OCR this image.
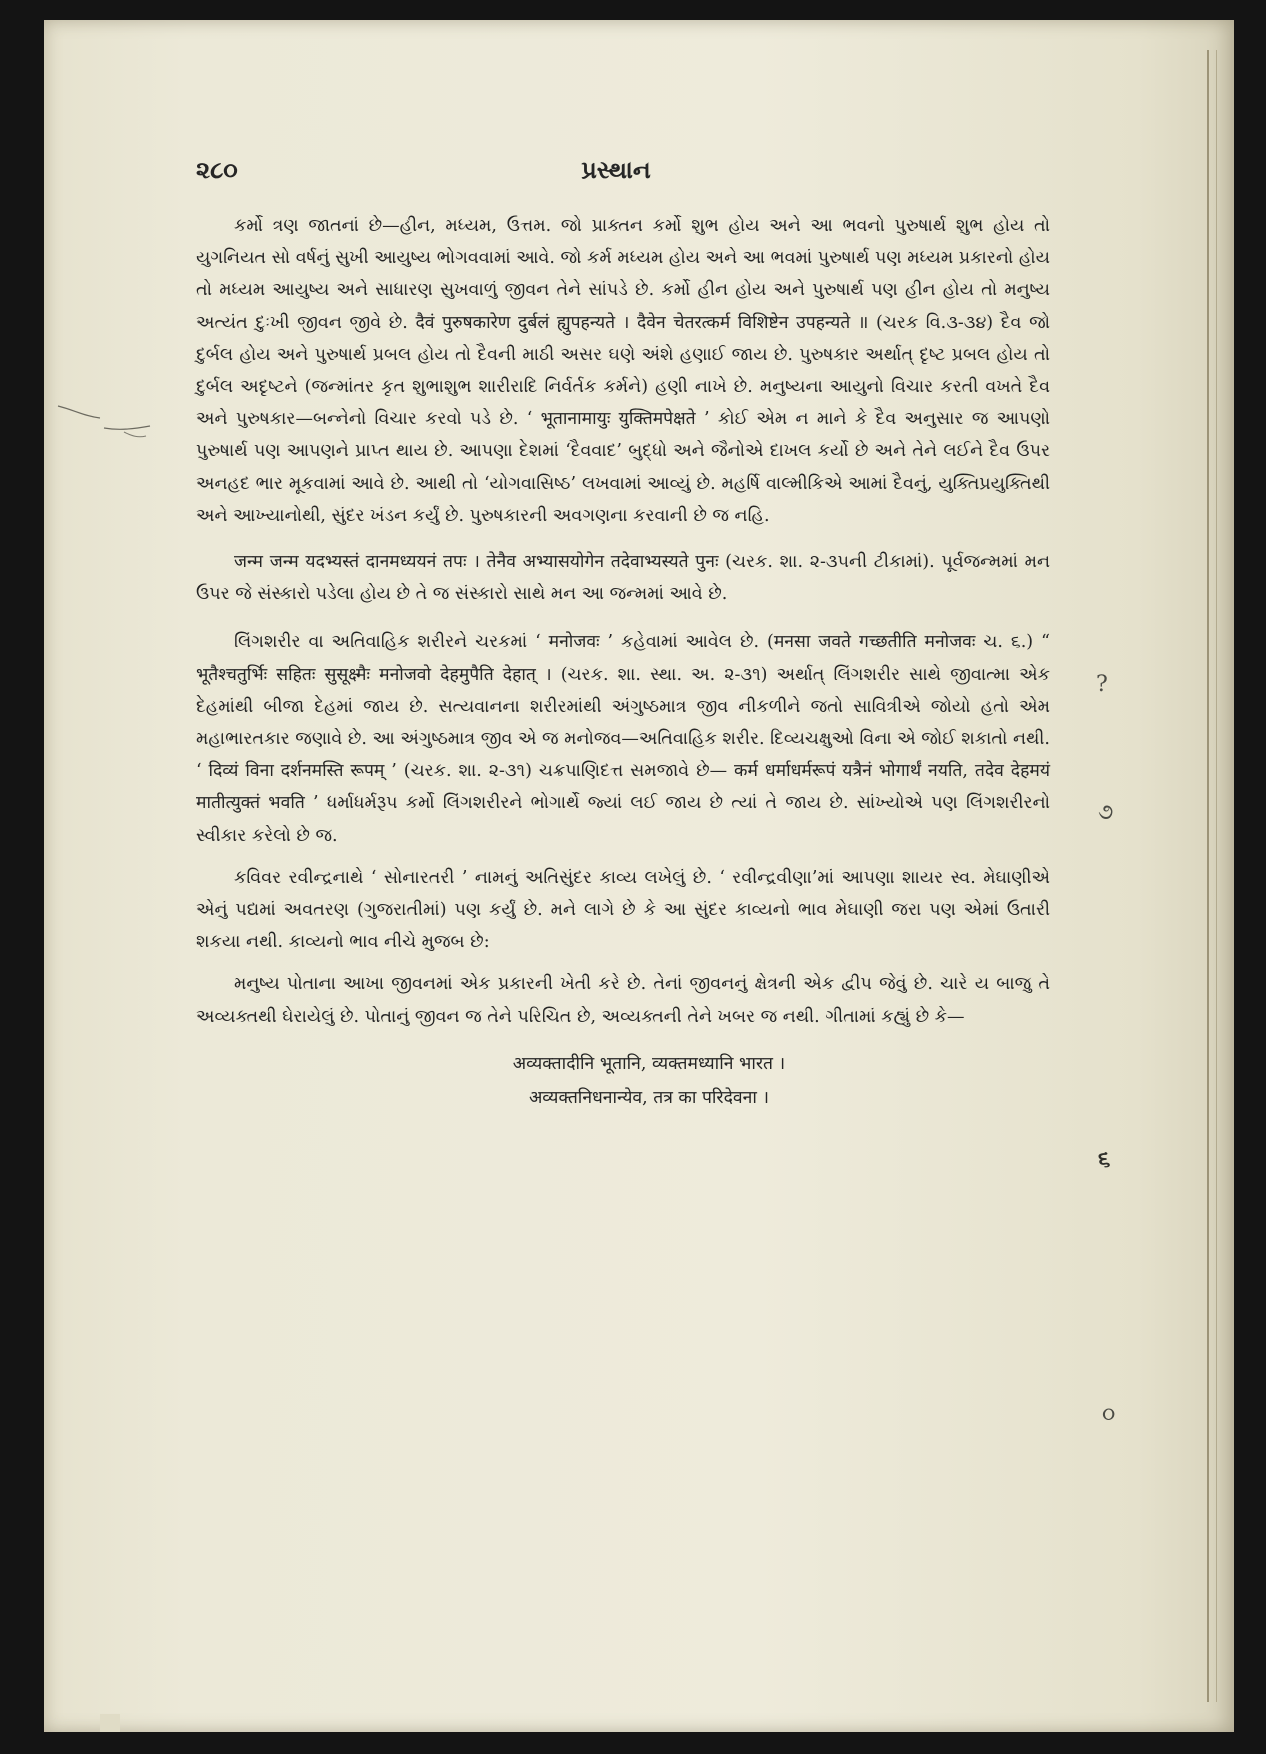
૨૮૦	પ્રસ્થાન

કર્મો ત્રણ જાતનાં છે—હીન, મધ્યમ, ઉત્તમ. જો પ્રાક્તન કર્મો શુભ હોય અને આ ભવનો પુરુષાર્થ શુભ હોય તો યુગનિયત સો વર્ષનું સુખી આયુષ્ય ભોગવવામાં આવે. જો કર્મ મધ્યમ હોય અને આ ભવમાં પુરુષાર્થ પણ મધ્યમ પ્રકારનો હોય તો મધ્યમ આયુષ્ય અને સાધારણ સુખવાળું જીવન તેને સાંપડે છે. કર્મો હીન હોય અને પુરુષાર્થ પણ હીન હોય તો મનુષ્ય અત્યંત દુઃખી જીવન જીવે છે. दैवं पुरुषकारेण दुर्बलं ह्युपहन्यते । दैवेन चेतरत्कर्म विशिष्टेन उपहन्यते ॥ (ચરક વિ.૩-૩૪) દૈવ જો દુર્બલ હોય અને પુરુષાર્થ પ્રબલ હોય તો દૈવની માઠી અસર ઘણે અંશે હણાઈ જાય છે. પુરુષકાર અર્થાત્ દૃષ્ટ પ્રબલ હોય તો દુર્બલ અદૃષ્ટને (જન્માંતર કૃત શુભાશુભ શારીરાદિ નિર્વર્તક કર્મને) હણી નાખે છે. મનુષ્યના આયુનો વિચાર કરતી વખતે દૈવ અને પુરુષકાર—બન્નેનો વિચાર કરવો પડે છે. ‘ भूतानामायुः युक्तिमपेक्षते ’ કોઈ એમ ન માને કે દૈવ અનુસાર જ આપણો પુરુષાર્થ પણ આપણને પ્રાપ્ત થાય છે. આપણા દેશમાં ‘દૈવવાદ’ બુદ્ધો અને જૈનોએ દાખલ કર્યો છે અને તેને લઈને દૈવ ઉપર અનહદ ભાર મૂકવામાં આવે છે. આથી તો ‘યોગવાસિષ્ઠ’ લખવામાં આવ્યું છે. મહર્ષિ વાલ્મીકિએ આમાં દૈવનું, યુક્તિપ્રયુક્તિથી અને આખ્યાનોથી, સુંદર ખંડન કર્યું છે. પુરુષકારની અવગણના કરવાની છે જ નહિ.

जन्म जन्म यदभ्यस्तं दानमध्ययनं तपः । तेनैव अभ्यासयोगेन तदेवाभ्यस्यते पुनः (ચરક. શા. ૨-૩૫ની ટીકામાં). પૂર્વજન્મમાં મન ઉપર જે સંસ્કારો પડેલા હોય છે તે જ સંસ્કારો સાથે મન આ જન્મમાં આવે છે.

લિંગશરીર વા અતિવાહિક શરીરને ચરકમાં ‘ मनोजवः ’ કહેવામાં આવેલ છે. (मनसा जवते गच्छतीति मनोजवः ચ. ૬.) “ भूतैश्चतुर्भिः सहितः सुसूक्ष्मैः मनोजवो देहमुपैति देहात् । (ચરક. શા. સ્થા. અ. ૨-૩૧) અર્થાત્ લિંગશરીર સાથે જીવાત્મા એક દેહમાંથી બીજા દેહમાં જાય છે. સત્યવાનના શરીરમાંથી અંગુષ્ઠમાત્ર જીવ નીકળીને જતો સાવિત્રીએ જોયો હતો એમ મહાભારતકાર જણાવે છે. આ અંગુષ્ઠમાત્ર જીવ એ જ મનોજવ—અતિવાહિક શરીર. દિવ્યચક્ષુઓ વિના એ જોઈ શકાતો નથી. ‘ दिव्यं विना दर्शनमस्ति रूपम् ’ (ચરક. શા. ૨-૩૧) ચક્રપાણિદત્ત સમજાવે છે— कर्म धर्माधर्मरूपं यत्रैनं भोगार्थं नयति, तदेव देहमयं मातीत्युक्तं भवति ’ ધર્માધર્મરૂપ કર્મો લિંગશરીરને ભોગાર્થે જ્યાં લઈ જાય છે ત્યાં તે જાય છે. સાંખ્યોએ પણ લિંગશરીરનો સ્વીકાર કરેલો છે જ.

કવિવર રવીન્દ્રનાથે ‘ સોનારતરી ’ નામનું અતિસુંદર કાવ્ય લખેલું છે. ‘ રવીન્દ્રવીણા’માં આપણા શાયર સ્વ. મેઘાણીએ એનું પદ્યમાં અવતરણ (ગુજરાતીમાં) પણ કર્યું છે. મને લાગે છે કે આ સુંદર કાવ્યનો ભાવ મેઘાણી જરા પણ એમાં ઉતારી શકયા નથી. કાવ્યનો ભાવ નીચે મુજબ છે:

મનુષ્ય પોતાના આખા જીવનમાં એક પ્રકારની ખેતી કરે છે. તેનાં જીવનનું ક્ષેત્રની એક દ્વીપ જેવું છે. ચારે ય બાજુ તે અવ્યક્તથી ઘેરાયેલું છે. પોતાનું જીવન જ તેને પરિચિત છે, અવ્યક્તની તેને ખબર જ નથી. ગીતામાં કહ્યું છે કે—

अव्यक्तादीनि भूतानि, व्यक्तमध्यानि भारत ।
अव्यक्तनिधनान्येव, तत्र का परिदेवना ।
?
૭
૬
૦
